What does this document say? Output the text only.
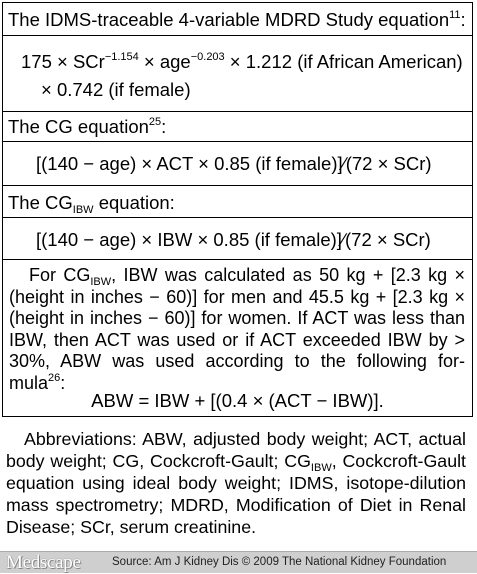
The IDMS-traceable 4-variable MDRD Study equation$^{11}$:
175 × SCr$^{-1.154}$ × age$^{-0.203}$ × 1.212 (if African American)
× 0.742 (if female)
The CG equation$^{25}$:
[(140 − age) × ACT × 0.85 (if female)]∕(72 × SCr)
The $CG_{IBW}$ equation:
[(140 − age) × IBW × 0.85 (if female)]∕(72 × SCr)
For $CG_{IBW}$, IBW was calculated as 50 kg + [2.3 kg ×
(height in inches − 60)] for men and 45.5 kg + [2.3 kg ×
(height in inches − 60)] for women. If ACT was less than
IBW, then ACT was used or if ACT exceeded IBW by >
30%, ABW was used according to the following for-
mula$^{26}$:
ABW = IBW + [(0.4 × (ACT − IBW)].
Abbreviations: ABW, adjusted body weight; ACT, actual
body weight; CG, Cockcroft-Gault; $CG_{IBW}$, Cockcroft-Gault
equation using ideal body weight; IDMS, isotope-dilution
mass spectrometry; MDRD, Modification of Diet in Renal
Disease; SCr, serum creatinine.
Medscape	Source: Am J Kidney Dis © 2009 The National Kidney Foundation
